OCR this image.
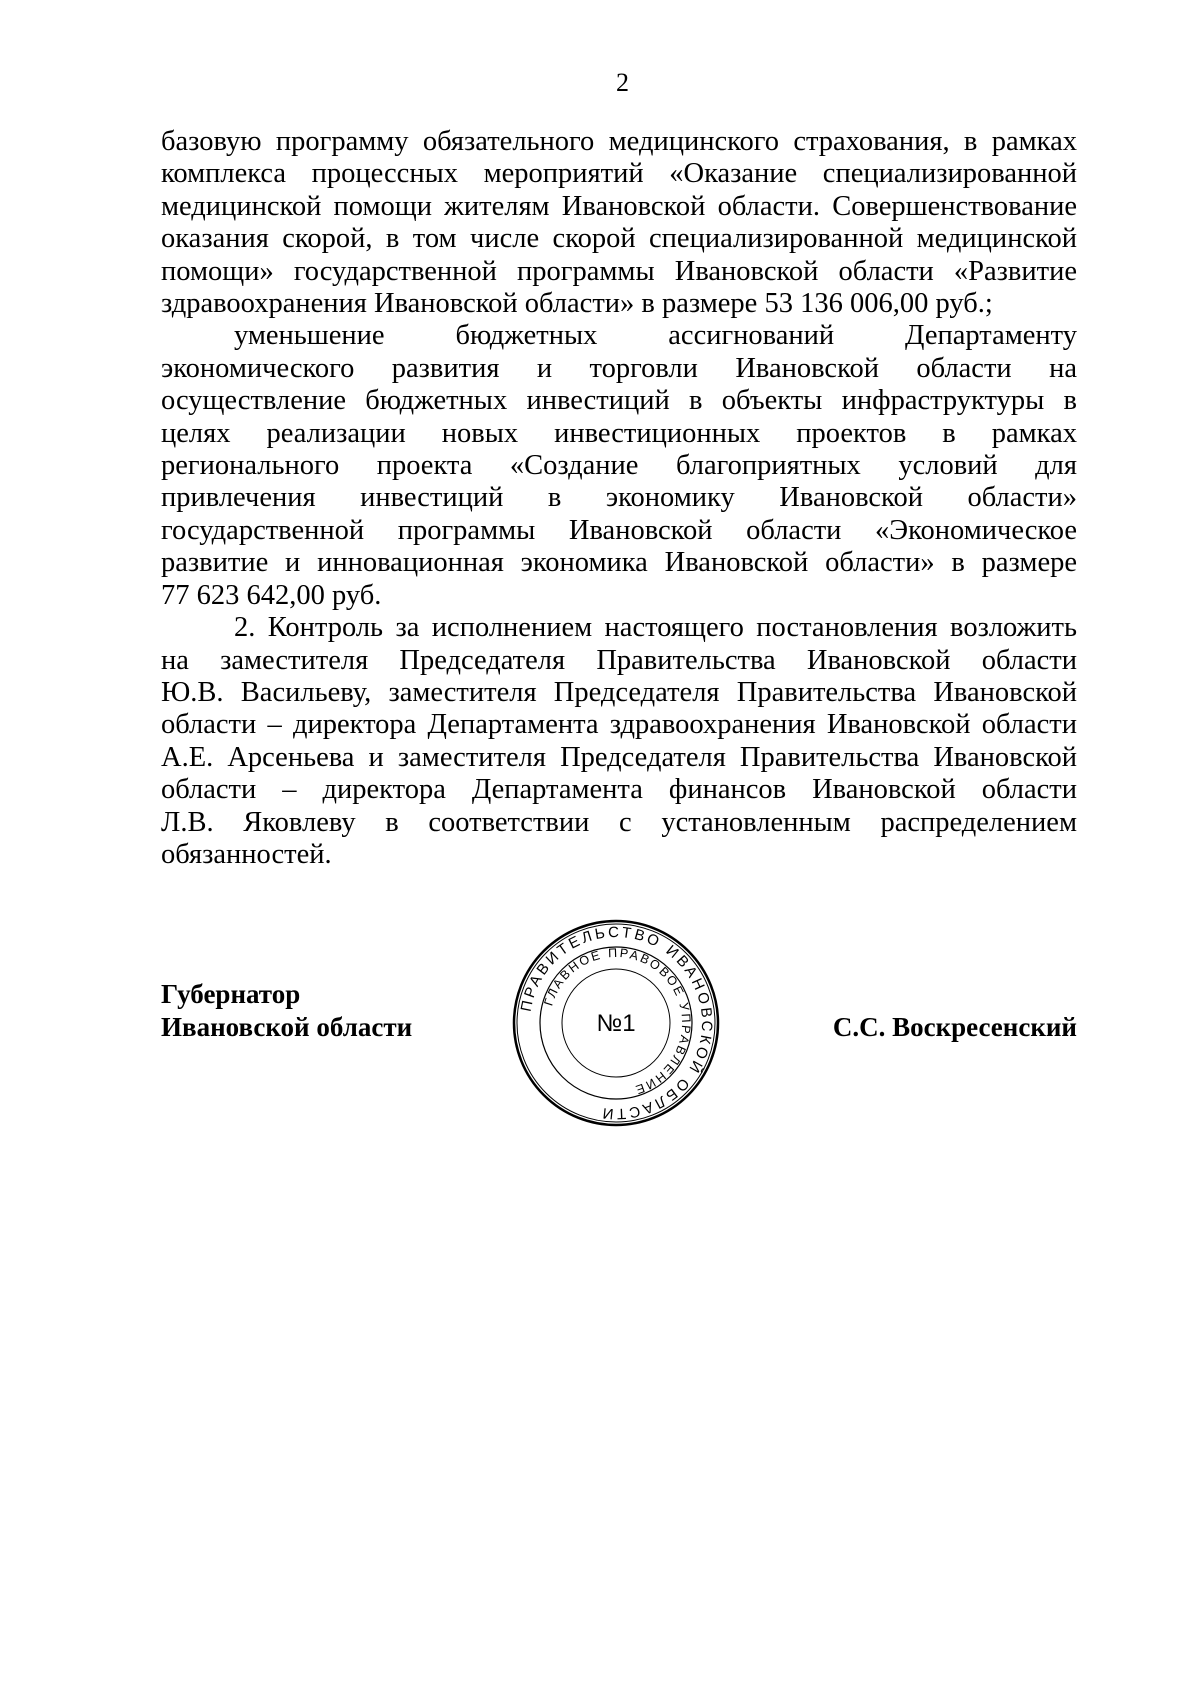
2

базовую программу обязательного медицинского страхования, в рамках

комплекса процессных мероприятий «Оказание специализированной

медицинской помощи жителям Ивановской области. Совершенствование

оказания скорой, в том числе скорой специализированной медицинской

помощи» государственной программы Ивановской области «Развитие

здравоохранения Ивановской области» в размере 53 136 006,00 руб.;

уменьшение бюджетных ассигнований Департаменту

экономического развития и торговли Ивановской области на

осуществление бюджетных инвестиций в объекты инфраструктуры в

целях реализации новых инвестиционных проектов в рамках

регионального проекта «Создание благоприятных условий для

привлечения инвестиций в экономику Ивановской области»

государственной программы Ивановской области «Экономическое

развитие и инновационная экономика Ивановской области» в размере

77 623 642,00 руб.

2. Контроль за исполнением настоящего постановления возложить

на заместителя Председателя Правительства Ивановской области

Ю.В. Васильеву, заместителя Председателя Правительства Ивановской

области – директора Департамента здравоохранения Ивановской области

А.Е. Арсеньева и заместителя Председателя Правительства Ивановской

области – директора Департамента финансов Ивановской области

Л.В. Яковлеву в соответствии с установленным распределением

обязанностей.

Губернатор
Ивановской области
ПРАВИТЕЛЬСТВО ИВАНОВСКОЙ ОБЛАСТИ
ГЛАВНОЕ ПРАВОВОЕ УПРАВЛЕНИЕ
№1	С.С. Воскресенский
